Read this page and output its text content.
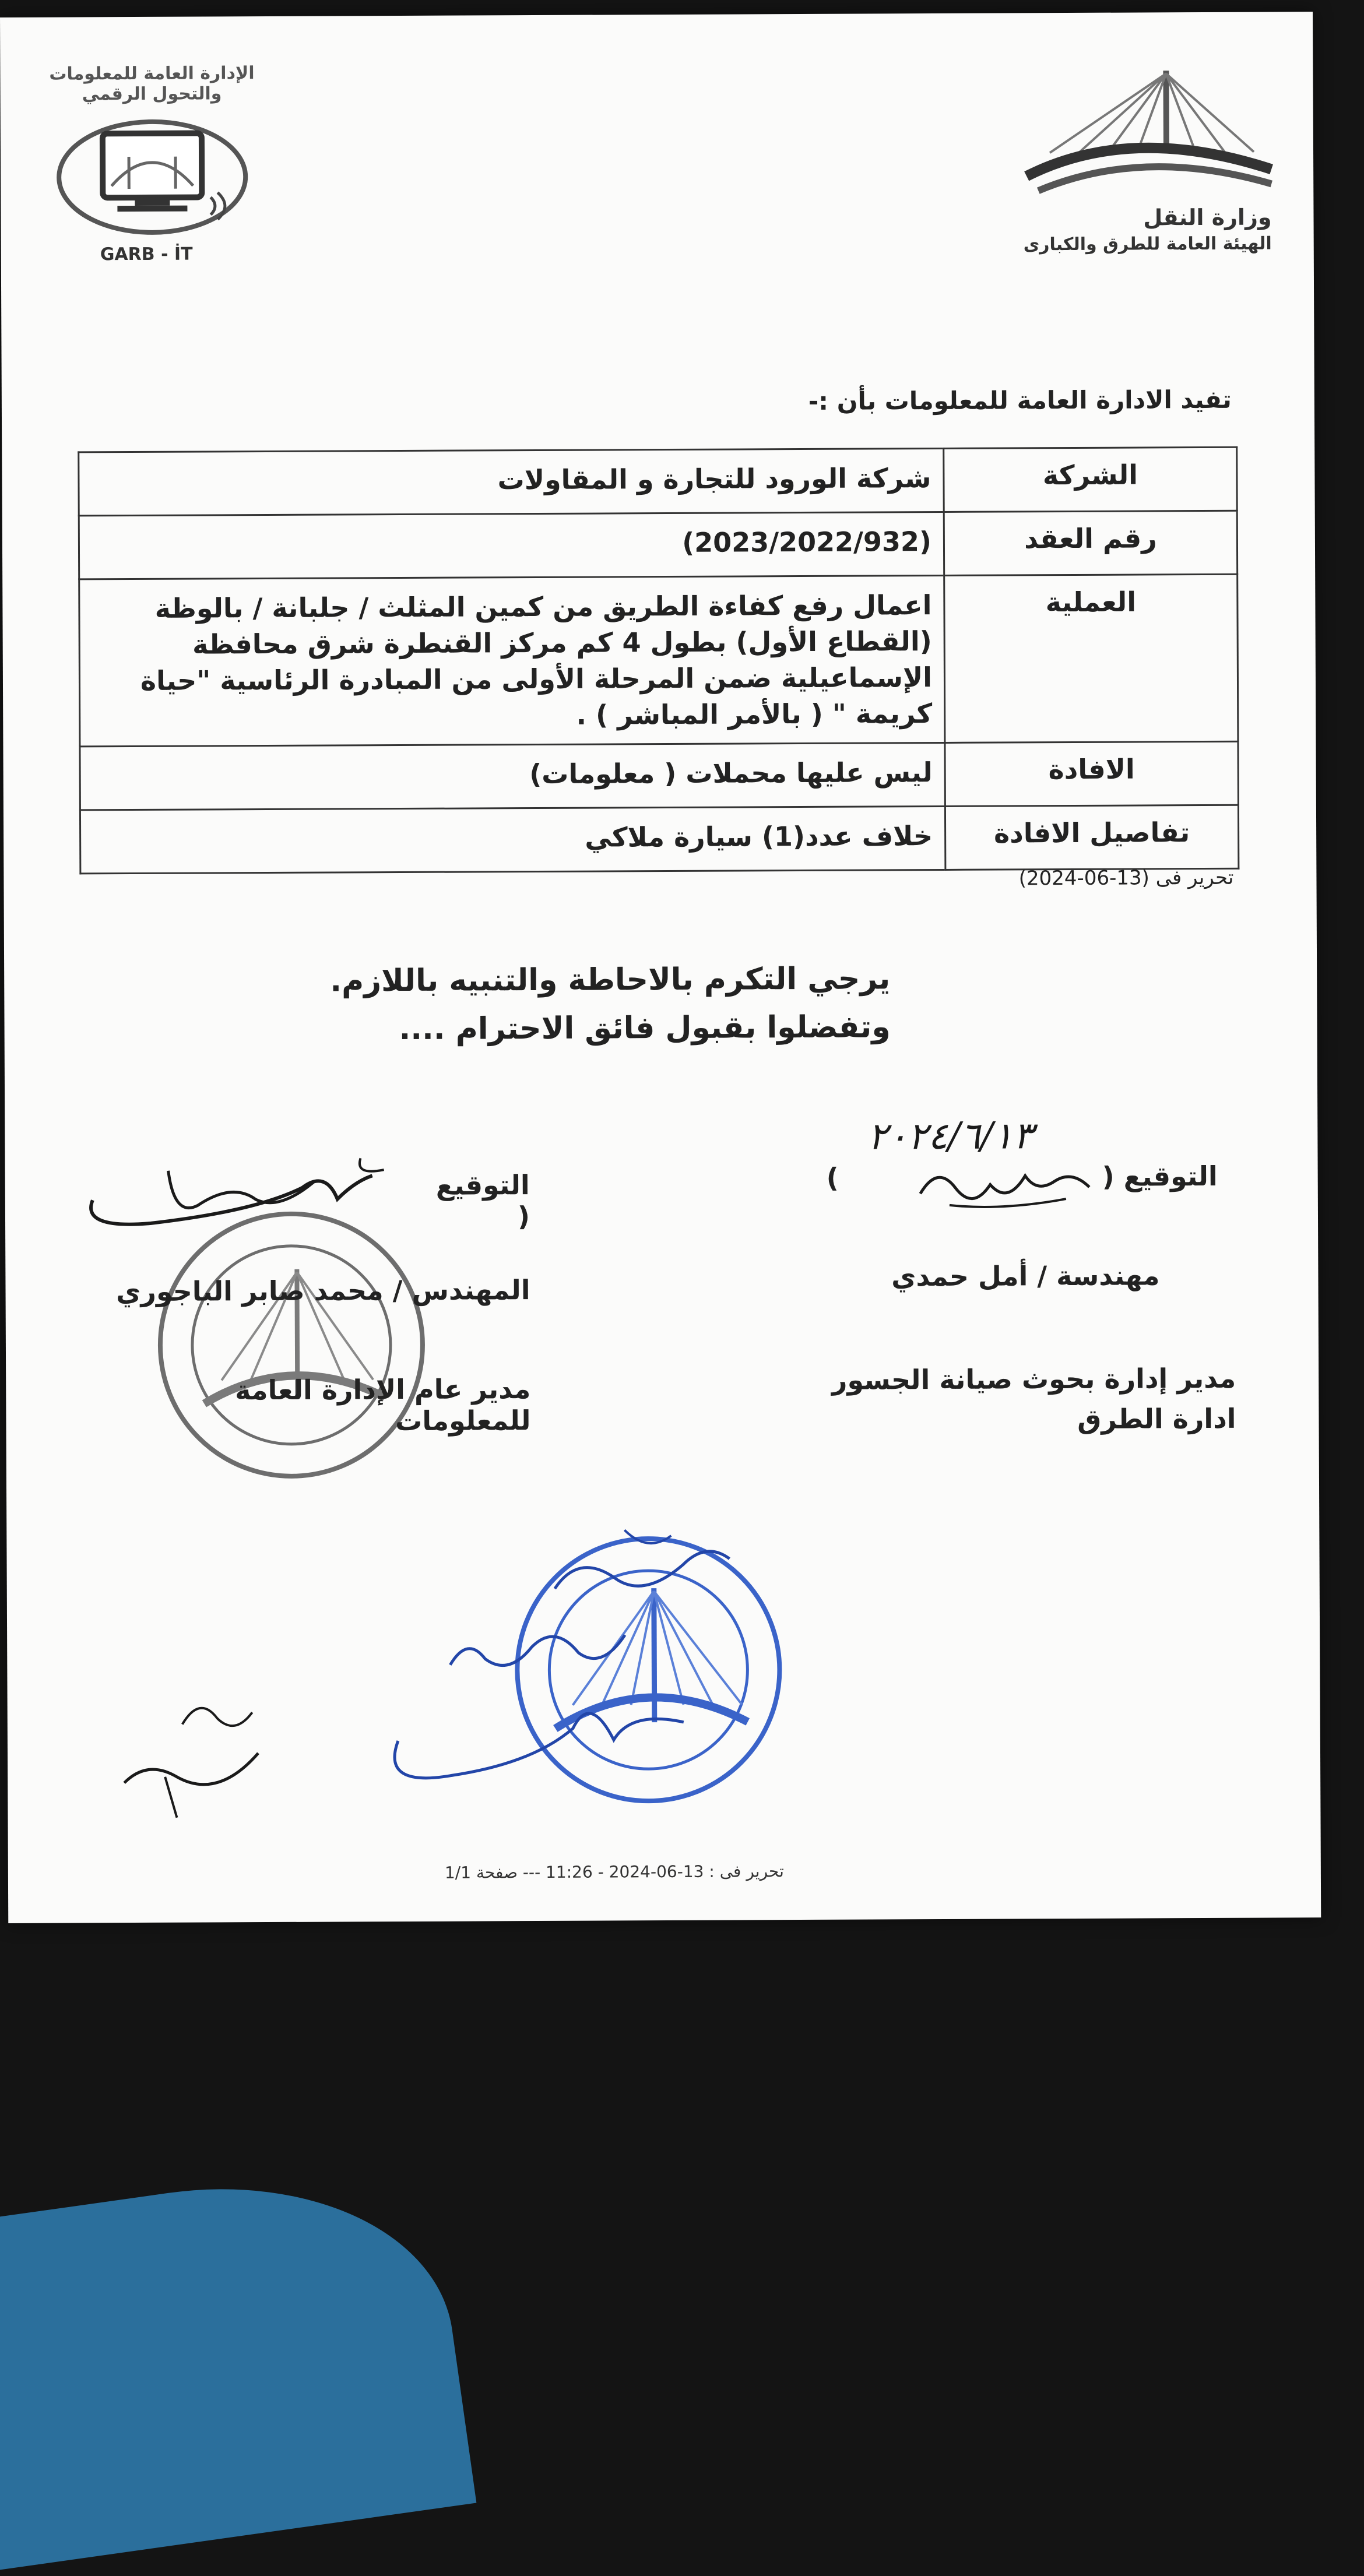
الإدارة العامة للمعلومات والتحول الرقمي
GARB - İT
وزارة النقل
الهيئة العامة للطرق والكبارى
تفيد الادارة العامة للمعلومات بأن :-
الشركة	شركة الورود للتجارة و المقاولات
رقم العقد	(2023/2022/932)
العملية	اعمال رفع كفاءة الطريق من كمين المثلث / جلبانة / بالوظة (القطاع الأول) بطول 4 كم مركز القنطرة شرق محافظة الإسماعيلية ضمن المرحلة الأولى من المبادرة الرئاسية "حياة كريمة " ( بالأمر المباشر ) .
الافادة	ليس عليها محملات ( معلومات)
تفاصيل الافادة	خلاف عدد(1) سيارة ملاكي
تحرير فى (13-06-2024)
يرجي التكرم بالاحاطة والتنبيه باللازم.
وتفضلوا بقبول فائق الاحترام ....
٢٠٢٤/٦/١٣
التوقيع (  )
مهندسة / أمل حمدي
مدير إدارة بحوث صيانة الجسور ادارة الطرق
التوقيع (
المهندس / محمد صابر الباجوري
مدير عام الإدارة العامة للمعلومات
تحرير فى : 13-06-2024 - 11:26 --- صفحة 1/1
